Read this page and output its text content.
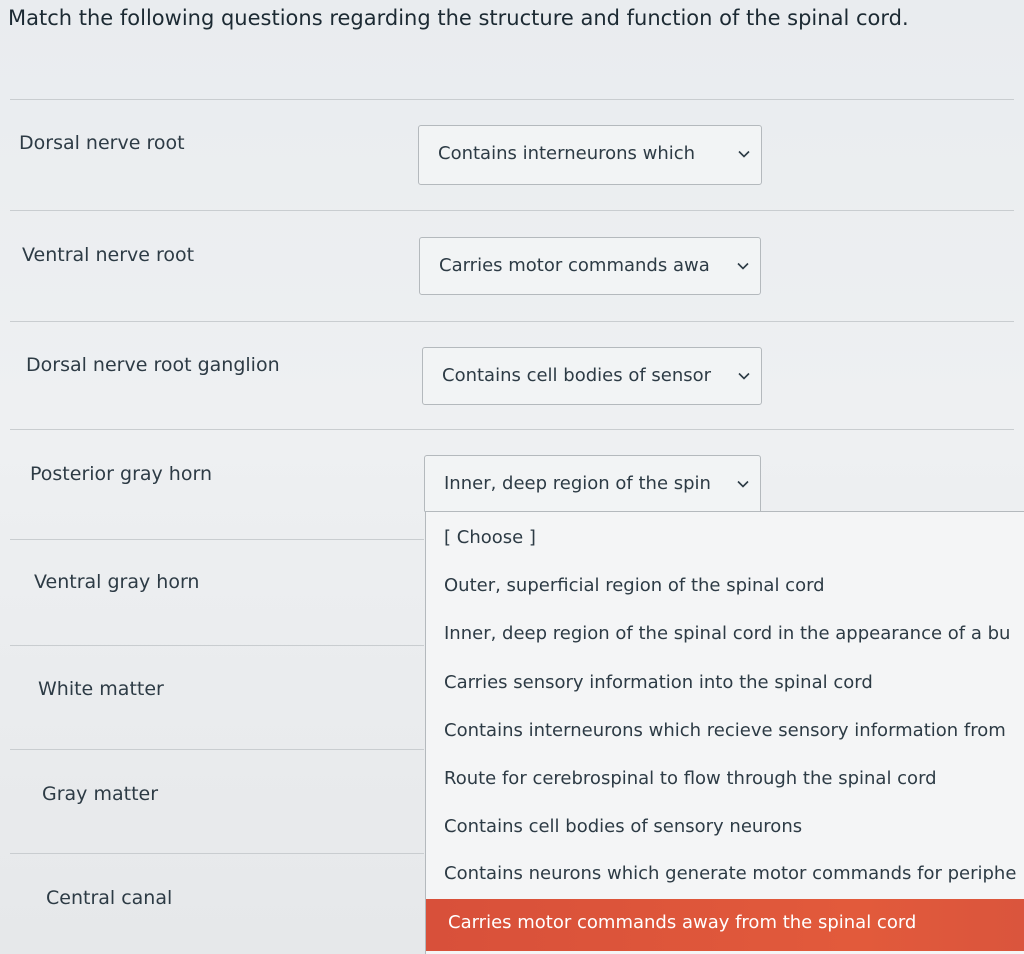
Match the following questions regarding the structure and function of the spinal cord.
Dorsal nerve root
Ventral nerve root
Dorsal nerve root ganglion
Posterior gray horn
Ventral gray horn
White matter
Gray matter
Central canal
Contains interneurons which
Carries motor commands awa
Contains cell bodies of sensor
Inner, deep region of the spin
[ Choose ]
Outer, superficial region of the spinal cord
Inner, deep region of the spinal cord in the appearance of a bu
Carries sensory information into the spinal cord
Contains interneurons which recieve sensory information from
Route for cerebrospinal to flow through the spinal cord
Contains cell bodies of sensory neurons
Contains neurons which generate motor commands for periphe
Carries motor commands away from the spinal cord
